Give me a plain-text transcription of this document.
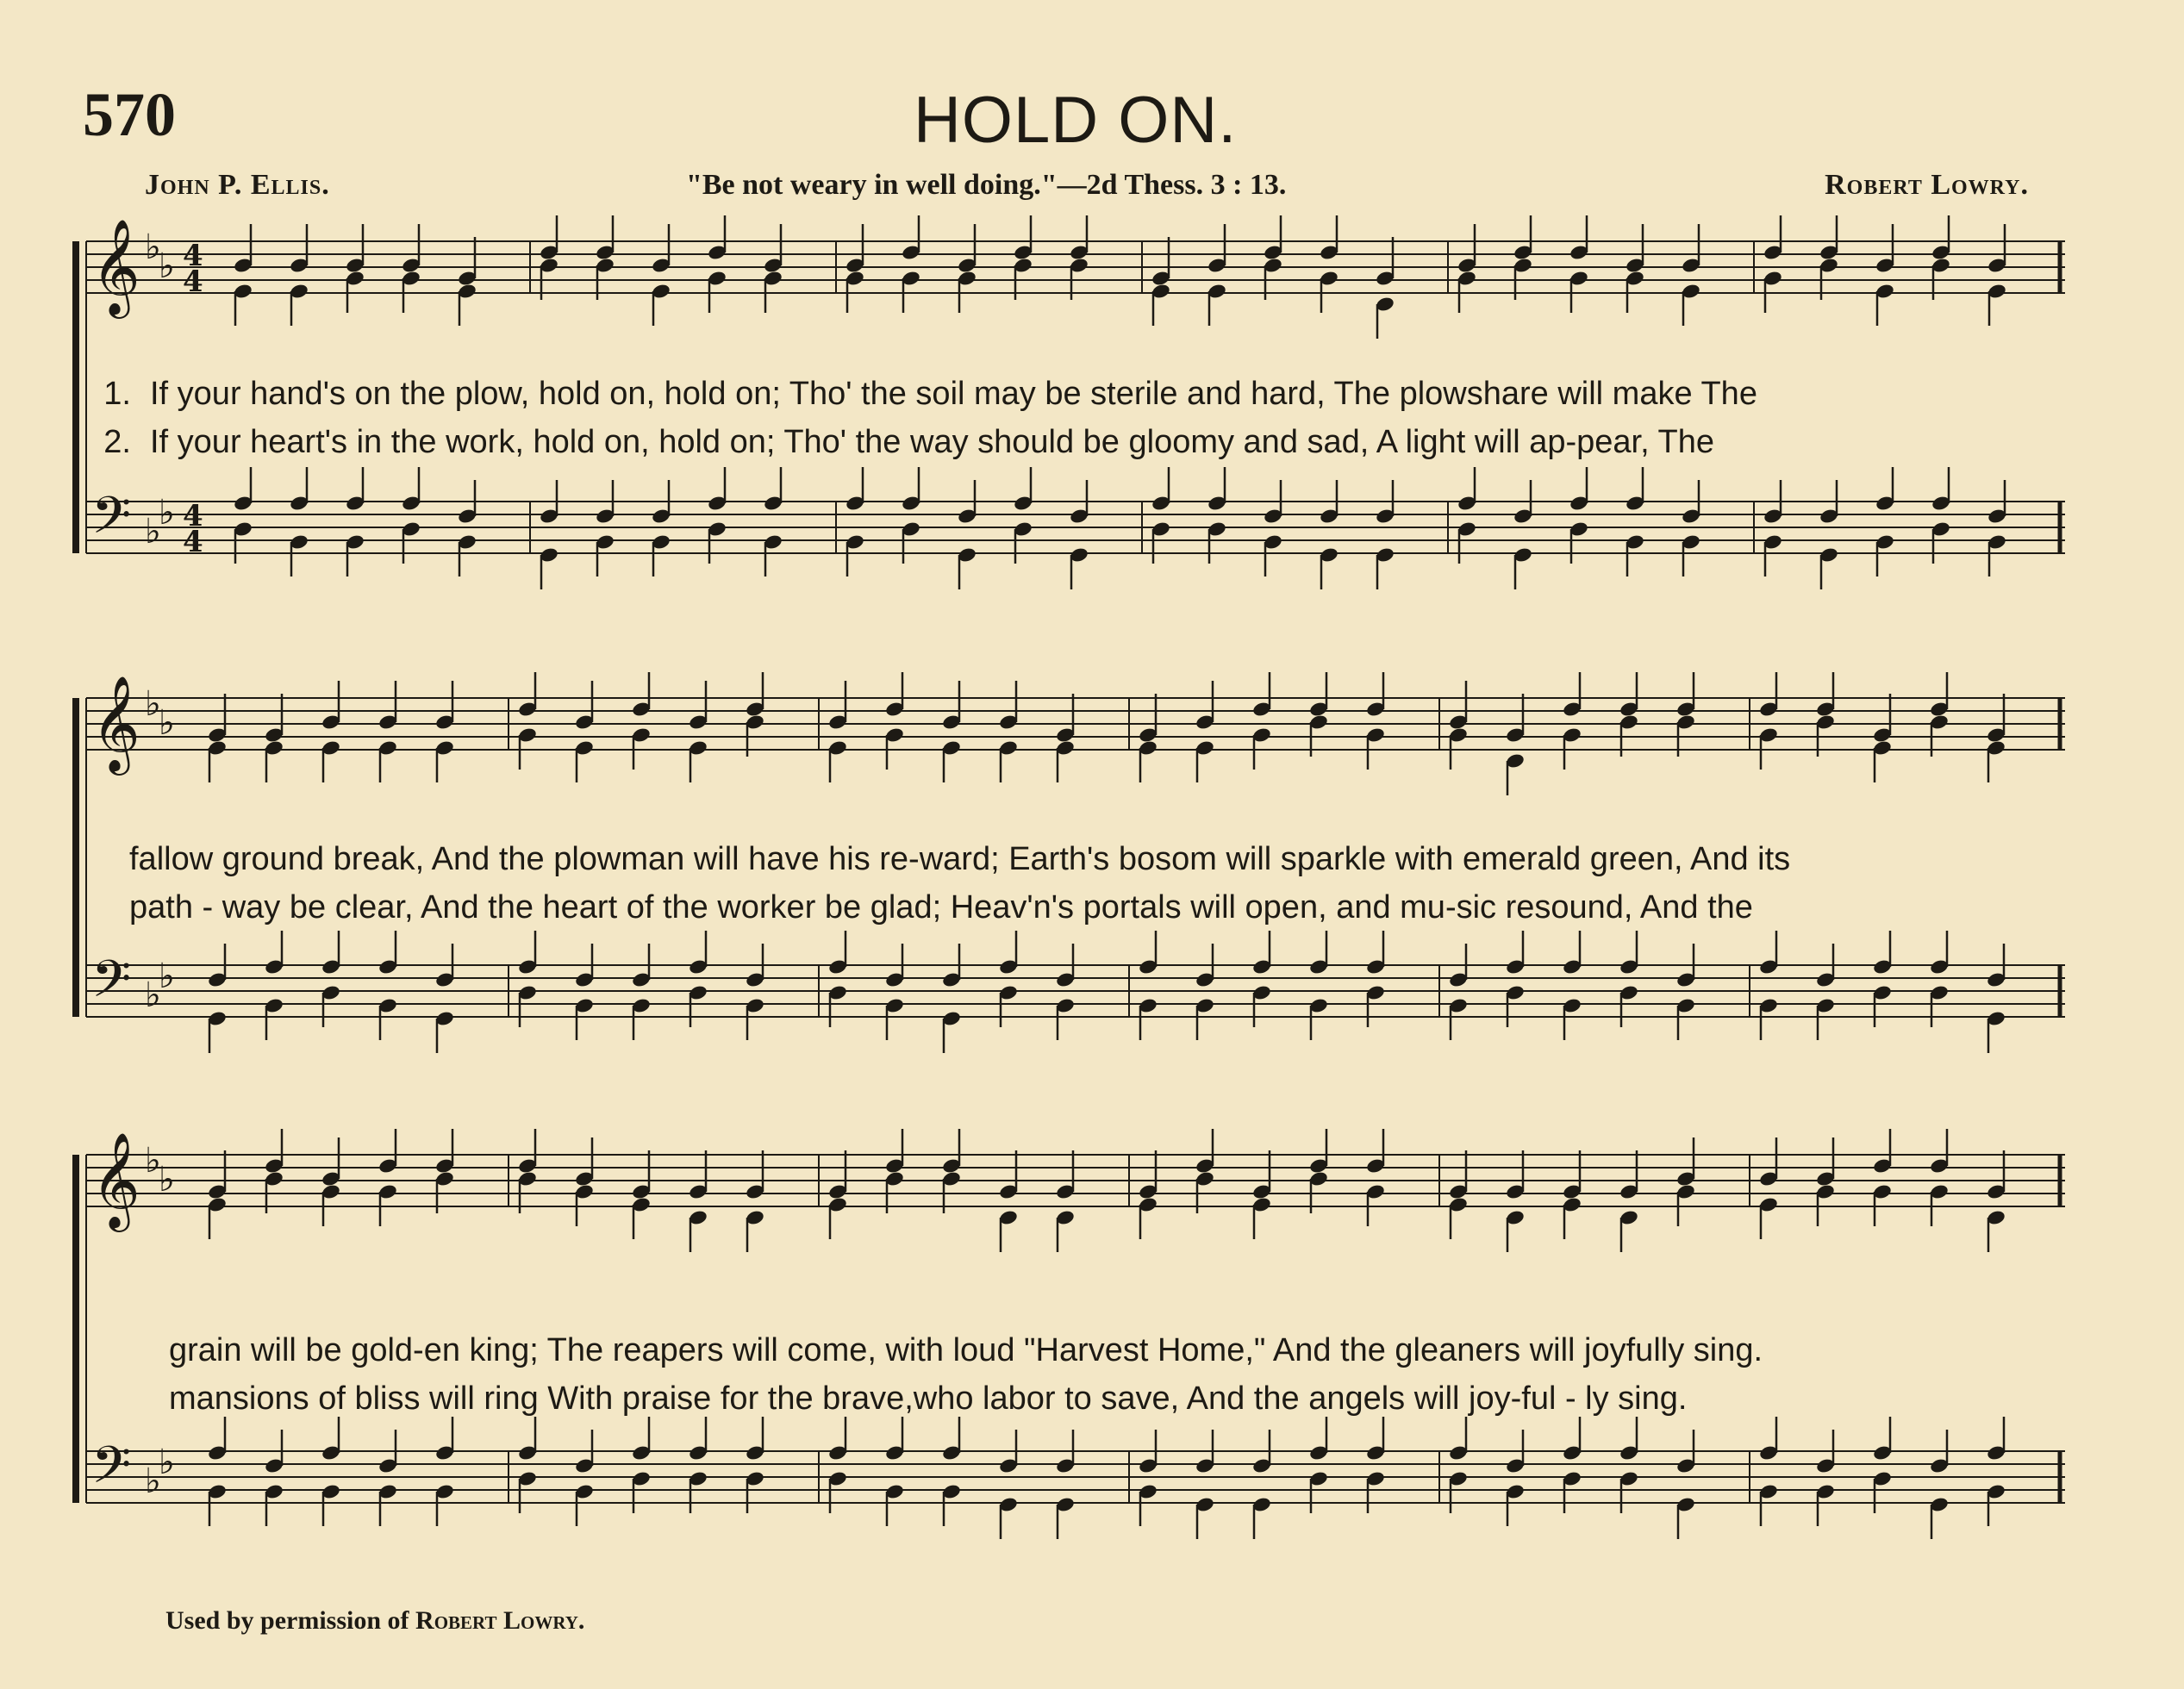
570	HOLD ON.
John P. Ellis.	"Be not weary in well doing."—2d Thess. 3 : 13.	Robert Lowry.
𝄞 ♭
♭ 4
4
𝄢 ♭
♭ 4
4
1. If your hand's on the plow, hold on, hold on; Tho' the soil may be sterile and hard, The plowshare will make The
2. If your heart's in the work, hold on, hold on; Tho' the way should be gloomy and sad, A light will ap-pear, The
𝄞 ♭
♭
𝄢 ♭
♭
fallow ground break, And the plowman will have his re-ward; Earth's bosom will sparkle with emerald green, And its
path - way be clear, And the heart of the worker be glad; Heav'n's portals will open, and mu-sic resound, And the
𝄞 ♭
♭
𝄢 ♭
♭
grain will be gold-en king; The reapers will come, with loud "Harvest Home," And the gleaners will joyfully sing.
mansions of bliss will ring With praise for the brave,who labor to save, And the angels will joy-ful - ly sing.
Used by permission of Robert Lowry.
